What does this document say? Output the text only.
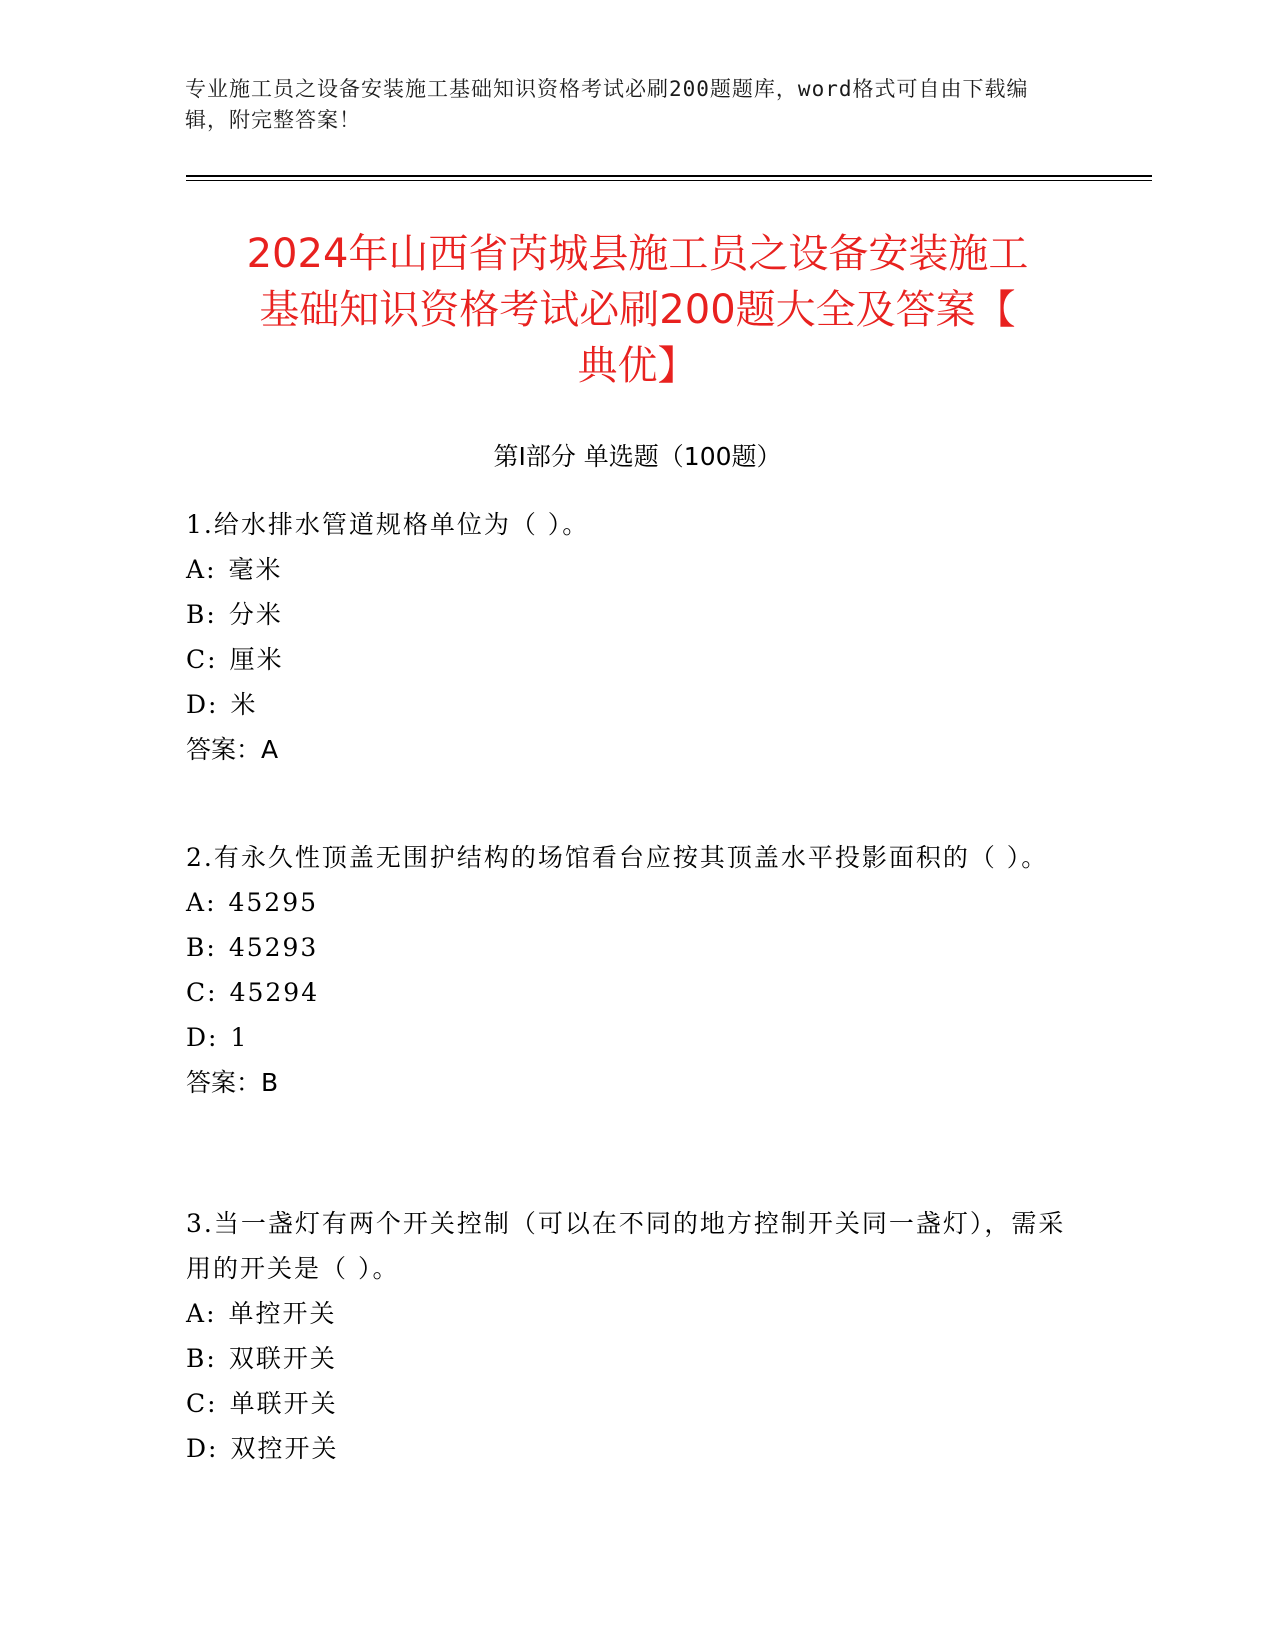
专业施工员之设备安装施工基础知识资格考试必刷200题题库，word格式可自由下载编辑，附完整答案！
2024年山西省芮城县施工员之设备安装施工
基础知识资格考试必刷200题大全及答案【
典优】
第Ⅰ部分 单选题（100题）

1.给水排水管道规格单位为（ ）。

A: 毫米
B: 分米
C: 厘米
D: 米
答案：A

2.有永久性顶盖无围护结构的场馆看台应按其顶盖水平投影面积的（ ）。

A: 45295
B: 45293
C: 45294
D: 1
答案：B

3.当一盏灯有两个开关控制（可以在不同的地方控制开关同一盏灯），需采用的开关是（ ）。

A: 单控开关
B: 双联开关
C: 单联开关
D: 双控开关
